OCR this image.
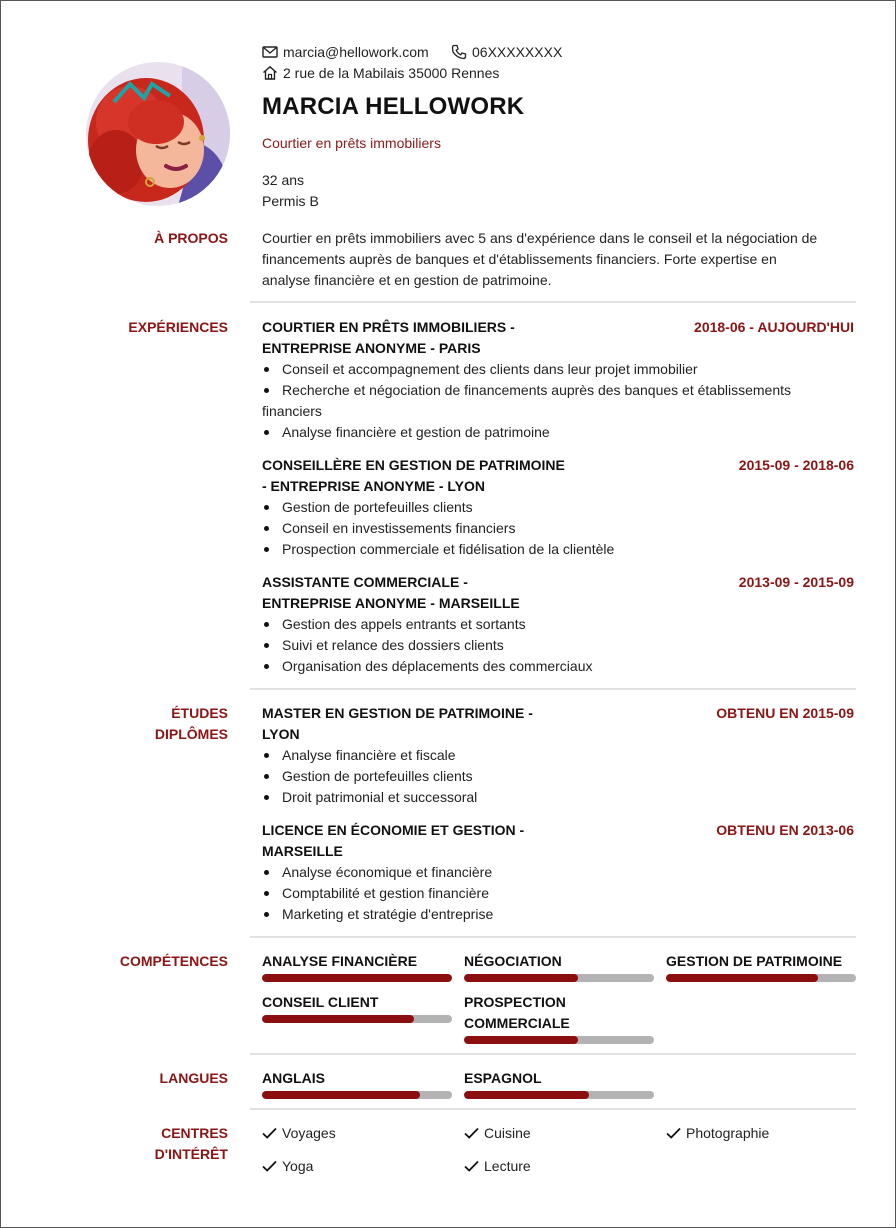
marcia@hellowork.com	06XXXXXXXX
2 rue de la Mabilais 35000 Rennes
MARCIA HELLOWORK
Courtier en prêts immobiliers
32 ans
Permis B
À PROPOS Courtier en prêts immobiliers avec 5 ans d'expérience dans le conseil et la négociation de
financements auprès de banques et d'établissements financiers. Forte expertise en
analyse financière et en gestion de patrimoine.
EXPÉRIENCES COURTIER EN PRÊTS IMMOBILIERS -
ENTREPRISE ANONYME - PARIS
2018-06 - AUJOURD'HUI
Conseil et accompagnement des clients dans leur projet immobilier
Recherche et négociation de financements auprès des banques et établissements
financiers
Analyse financière et gestion de patrimoine
CONSEILLÈRE EN GESTION DE PATRIMOINE
- ENTREPRISE ANONYME - LYON
2015-09 - 2018-06
Gestion de portefeuilles clients
Conseil en investissements financiers
Prospection commerciale et fidélisation de la clientèle
ASSISTANTE COMMERCIALE -
ENTREPRISE ANONYME - MARSEILLE
2013-09 - 2015-09
Gestion des appels entrants et sortants
Suivi et relance des dossiers clients
Organisation des déplacements des commerciaux
ÉTUDES
DIPLÔMES
MASTER EN GESTION DE PATRIMOINE -
LYON
OBTENU EN 2015-09
Analyse financière et fiscale
Gestion de portefeuilles clients
Droit patrimonial et successoral
LICENCE EN ÉCONOMIE ET GESTION -
MARSEILLE
OBTENU EN 2013-06
Analyse économique et financière
Comptabilité et gestion financière
Marketing et stratégie d'entreprise
COMPÉTENCES ANALYSE FINANCIÈRE	NÉGOCIATION	GESTION DE PATRIMOINE
CONSEIL CLIENT	PROSPECTION
COMMERCIALE
LANGUES ANGLAIS	ESPAGNOL
CENTRES
D'INTÉRÊT
Voyages	Cuisine	Photographie
Yoga	Lecture
